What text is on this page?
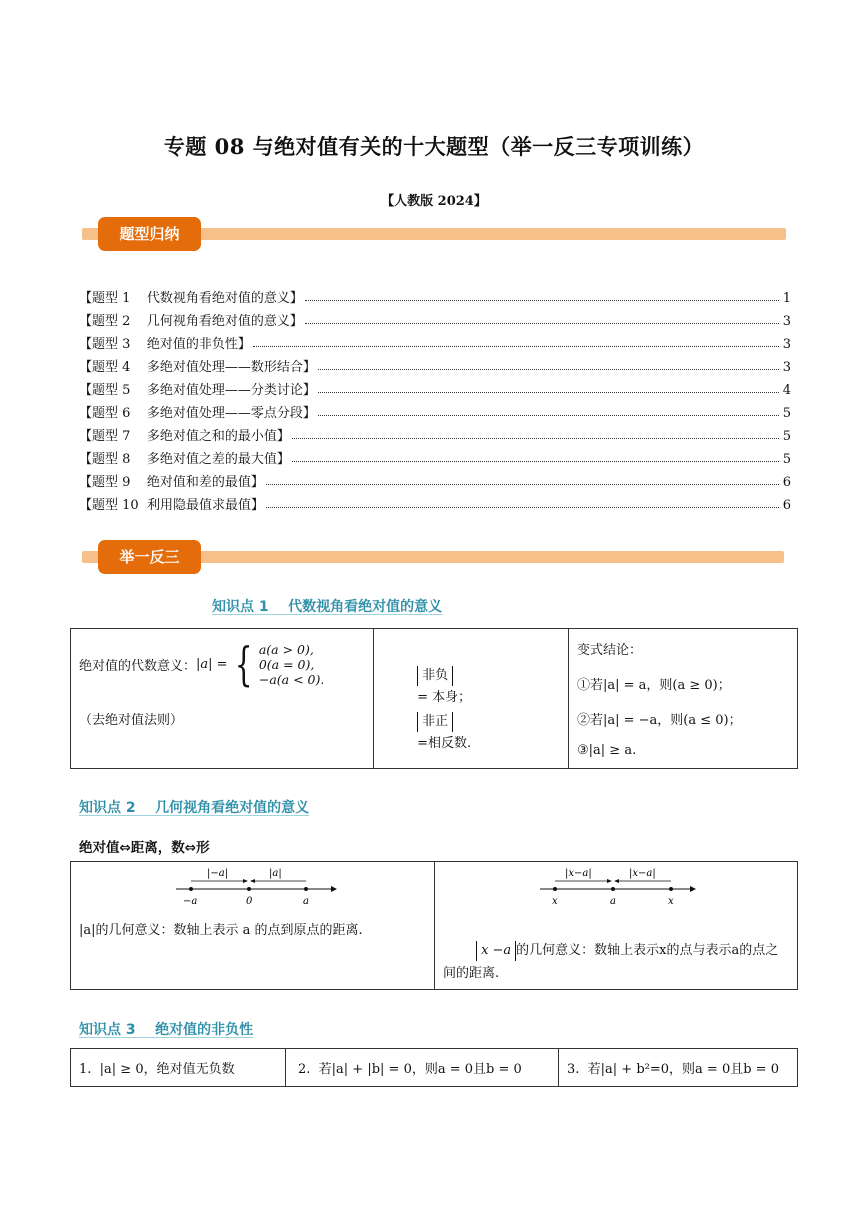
专题 08 与绝对值有关的十大题型（举一反三专项训练）
【人教版 2024】
题型归纳
【题型 1    代数视角看绝对值的意义】	1
【题型 2    几何视角看绝对值的意义】	3
【题型 3    绝对值的非负性】	3
【题型 4    多绝对值处理——数形结合】	3
【题型 5    多绝对值处理——分类讨论】	4
【题型 6    多绝对值处理——零点分段】	5
【题型 7    多绝对值之和的最小值】	5
【题型 8    多绝对值之差的最大值】	5
【题型 9    绝对值和差的最值】	6
【题型 10  利用隐最值求最值】	6
举一反三
知识点 1    代数视角看绝对值的意义
绝对值的代数意义： |a| = { a(a > 0),
0(a = 0),
−a(a < 0).
（去绝对值法则）

非负
= 本身；

非正
=相反数.

变式结论：
①若|a| = a，则(a ≥ 0)；
②若|a| = −a，则(a ≤ 0)；
③|a| ≥ a.
知识点 2    几何视角看绝对值的意义
绝对值⇔距离，数⇔形
|−a|	|a|
−a	0	a
|a|的几何意义：数轴上表示 a 的点到原点的距离.

|x−a|	|x−a|
x	a	x

x −a 的几何意义：数轴上表示x的点与表示a的点之

间的距离.
知识点 3    绝对值的非负性
1.  |a| ≥ 0，绝对值无负数	2.  若|a| + |b| = 0，则a = 0且b = 0	3.  若|a| + b²=0，则a = 0且b = 0
